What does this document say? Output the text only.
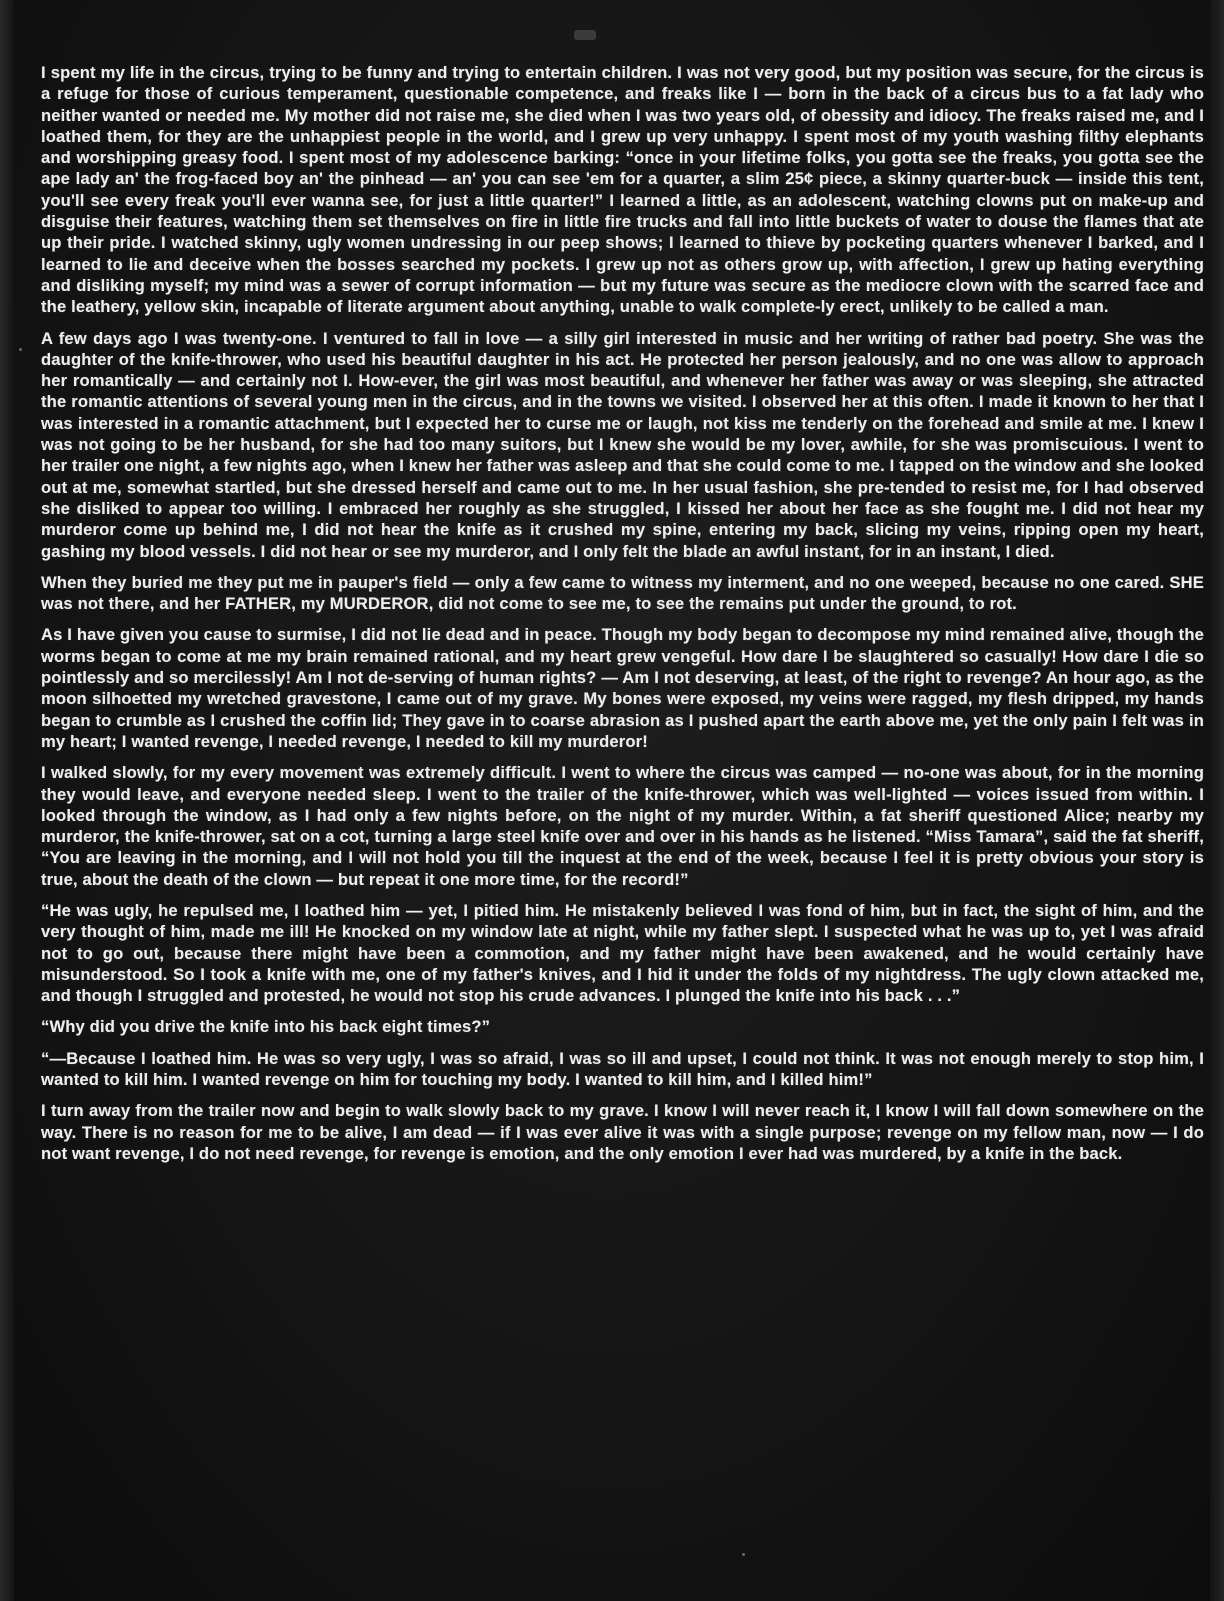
I spent my life in the circus, trying to be funny and trying to entertain children. I was not very good, but my position was secure, for the circus is a refuge for those of curious temperament, questionable competence, and freaks like I — born in the back of a circus bus to a fat lady who neither wanted or needed me. My mother did not raise me, she died when I was two years old, of obessity and idiocy. The freaks raised me, and I loathed them, for they are the unhappiest people in the world, and I grew up very unhappy. I spent most of my youth washing filthy elephants and worshipping greasy food. I spent most of my adolescence barking: “once in your lifetime folks, you gotta see the freaks, you gotta see the ape lady an' the frog-faced boy an' the pinhead — an' you can see 'em for a quarter, a slim 25¢ piece, a skinny quarter-buck — inside this tent, you'll see every freak you'll ever wanna see, for just a little quarter!” I learned a little, as an adolescent, watching clowns put on make-up and disguise their features, watching them set themselves on fire in little fire trucks and fall into little buckets of water to douse the flames that ate up their pride. I watched skinny, ugly women undressing in our peep shows; I learned to thieve by pocketing quarters whenever I barked, and I learned to lie and deceive when the bosses searched my pockets. I grew up not as others grow up, with affection, I grew up hating everything and disliking myself; my mind was a sewer of corrupt information — but my future was secure as the mediocre clown with the scarred face and the leathery, yellow skin, incapable of literate argument about anything, unable to walk complete-ly erect, unlikely to be called a man.

A few days ago I was twenty-one. I ventured to fall in love — a silly girl interested in music and her writing of rather bad poetry. She was the daughter of the knife-thrower, who used his beautiful daughter in his act. He protected her person jealously, and no one was allow to approach her romantically — and certainly not I. How-ever, the girl was most beautiful, and whenever her father was away or was sleeping, she attracted the romantic attentions of several young men in the circus, and in the towns we visited. I observed her at this often. I made it known to her that I was interested in a romantic attachment, but I expected her to curse me or laugh, not kiss me tenderly on the forehead and smile at me. I knew I was not going to be her husband, for she had too many suitors, but I knew she would be my lover, awhile, for she was promiscuious. I went to her trailer one night, a few nights ago, when I knew her father was asleep and that she could come to me. I tapped on the window and she looked out at me, somewhat startled, but she dressed herself and came out to me. In her usual fashion, she pre-tended to resist me, for I had observed she disliked to appear too willing. I embraced her roughly as she struggled, I kissed her about her face as she fought me. I did not hear my murderor come up behind me, I did not hear the knife as it crushed my spine, entering my back, slicing my veins, ripping open my heart, gashing my blood vessels. I did not hear or see my murderor, and I only felt the blade an awful instant, for in an instant, I died.

When they buried me they put me in pauper's field — only a few came to witness my interment, and no one weeped, because no one cared. SHE was not there, and her FATHER, my MURDEROR, did not come to see me, to see the remains put under the ground, to rot.

As I have given you cause to surmise, I did not lie dead and in peace. Though my body began to decompose my mind remained alive, though the worms began to come at me my brain remained rational, and my heart grew vengeful. How dare I be slaughtered so casually! How dare I die so pointlessly and so mercilessly! Am I not de-serving of human rights? — Am I not deserving, at least, of the right to revenge? An hour ago, as the moon silhoetted my wretched gravestone, I came out of my grave. My bones were exposed, my veins were ragged, my flesh dripped, my hands began to crumble as I crushed the coffin lid; They gave in to coarse abrasion as I pushed apart the earth above me, yet the only pain I felt was in my heart; I wanted revenge, I needed revenge, I needed to kill my murderor!

I walked slowly, for my every movement was extremely difficult. I went to where the circus was camped — no-one was about, for in the morning they would leave, and everyone needed sleep. I went to the trailer of the knife-thrower, which was well-lighted — voices issued from within. I looked through the window, as I had only a few nights before, on the night of my murder. Within, a fat sheriff questioned Alice; nearby my murderor, the knife-thrower, sat on a cot, turning a large steel knife over and over in his hands as he listened. “Miss Tamara”, said the fat sheriff, “You are leaving in the morning, and I will not hold you till the inquest at the end of the week, because I feel it is pretty obvious your story is true, about the death of the clown — but repeat it one more time, for the record!”

“He was ugly, he repulsed me, I loathed him — yet, I pitied him. He mistakenly believed I was fond of him, but in fact, the sight of him, and the very thought of him, made me ill! He knocked on my window late at night, while my father slept. I suspected what he was up to, yet I was afraid not to go out, because there might have been a commotion, and my father might have been awakened, and he would certainly have misunderstood. So I took a knife with me, one of my father's knives, and I hid it under the folds of my nightdress. The ugly clown attacked me, and though I struggled and protested, he would not stop his crude advances. I plunged the knife into his back . . .”

“Why did you drive the knife into his back eight times?”

“—Because I loathed him. He was so very ugly, I was so afraid, I was so ill and upset, I could not think. It was not enough merely to stop him, I wanted to kill him. I wanted revenge on him for touching my body. I wanted to kill him, and I killed him!”

I turn away from the trailer now and begin to walk slowly back to my grave. I know I will never reach it, I know I will fall down somewhere on the way. There is no reason for me to be alive, I am dead — if I was ever alive it was with a single purpose; revenge on my fellow man, now — I do not want revenge, I do not need revenge, for revenge is emotion, and the only emotion I ever had was murdered, by a knife in the back.
